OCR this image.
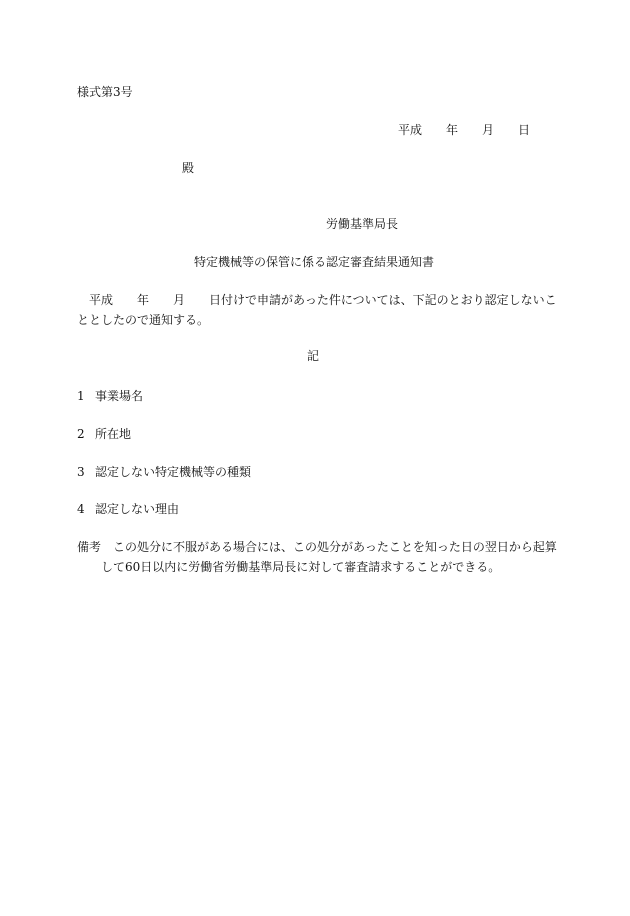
様式第3号
平成　　年　　月　　日
殿
労働基準局長
特定機械等の保管に係る認定審査結果通知書
平成　　年　　月　　日付けで申請があった件については、下記のとおり認定しないこ
ととしたので通知する。
記
1 事業場名
2 所在地
3 認定しない特定機械等の種類
4 認定しない理由
備考 この処分に不服がある場合には、この処分があったことを知った日の翌日から起算
して60日以内に労働省労働基準局長に対して審査請求することができる。
